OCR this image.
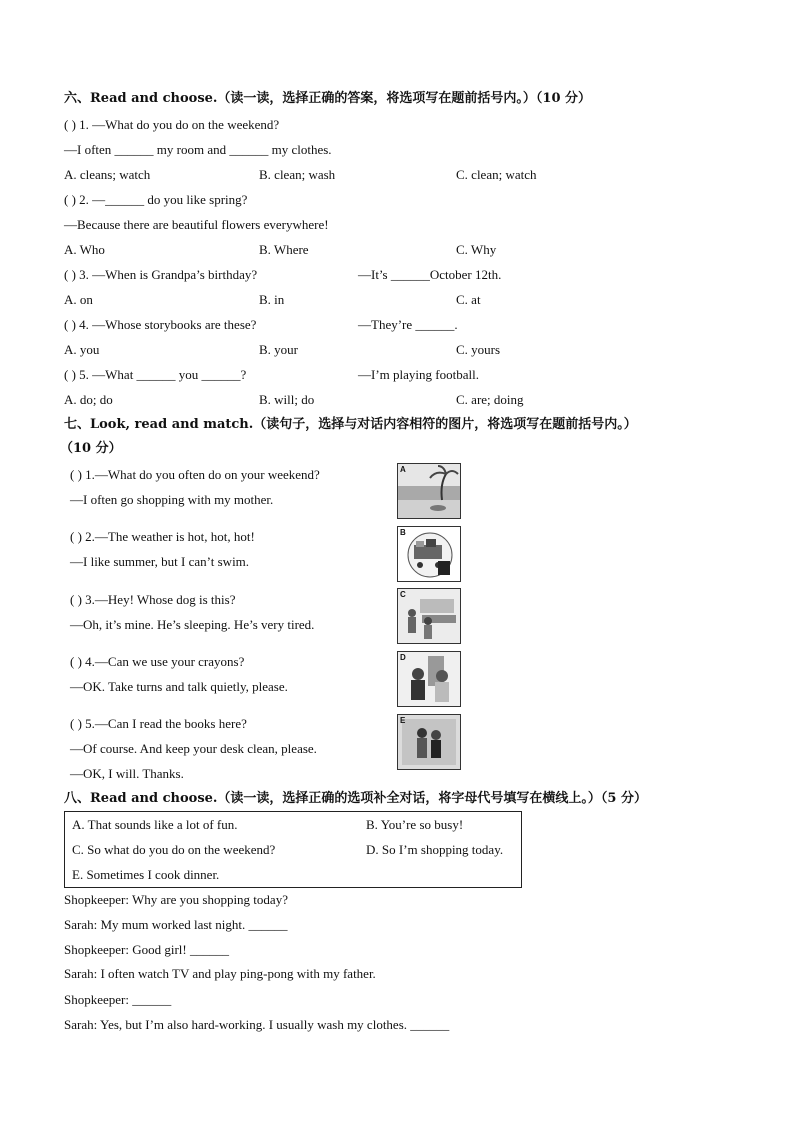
六、Read and choose.（读一读，选择正确的答案，将选项写在题前括号内。）（10 分）
( ) 1. —What do you do on the weekend?
—I often ______ my room and ______ my clothes.
A. cleans; watch	B. clean; wash	C. clean; watch
( ) 2. —______ do you like spring?
—Because there are beautiful flowers everywhere!
A. Who	B. Where	C. Why
( ) 3. —When is Grandpa’s birthday?	—It’s ______October 12th.
A. on	B. in	C. at
( ) 4. —Whose storybooks are these?	—They’re ______.
A. you	B. your	C. yours
( ) 5. —What ______ you ______?	—I’m playing football.
A. do; do	B. will; do	C. are; doing
七、Look, read and match.（读句子，选择与对话内容相符的图片，将选项写在题前括号内。）
（10 分）
( ) 1.—What do you often do on your weekend?
—I often go shopping with my mother.
( ) 2.—The weather is hot, hot, hot!
—I like summer, but I can’t swim.
( ) 3.—Hey! Whose dog is this?
—Oh, it’s mine. He’s sleeping. He’s very tired.
( ) 4.—Can we use your crayons?
—OK. Take turns and talk quietly, please.
( ) 5.—Can I read the books here?
—Of course. And keep your desk clean, please.
—OK, I will. Thanks.
A
B
C
D
E
八、Read and choose.（读一读，选择正确的选项补全对话，将字母代号填写在横线上。）（5 分）
A. That sounds like a lot of fun.	B. You’re so busy!
C. So what do you do on the weekend?	D. So I’m shopping today.
E. Sometimes I cook dinner.
Shopkeeper: Why are you shopping today?
Sarah: My mum worked last night. ______
Shopkeeper: Good girl! ______
Sarah: I often watch TV and play ping-pong with my father.
Shopkeeper: ______
Sarah: Yes, but I’m also hard-working. I usually wash my clothes. ______
